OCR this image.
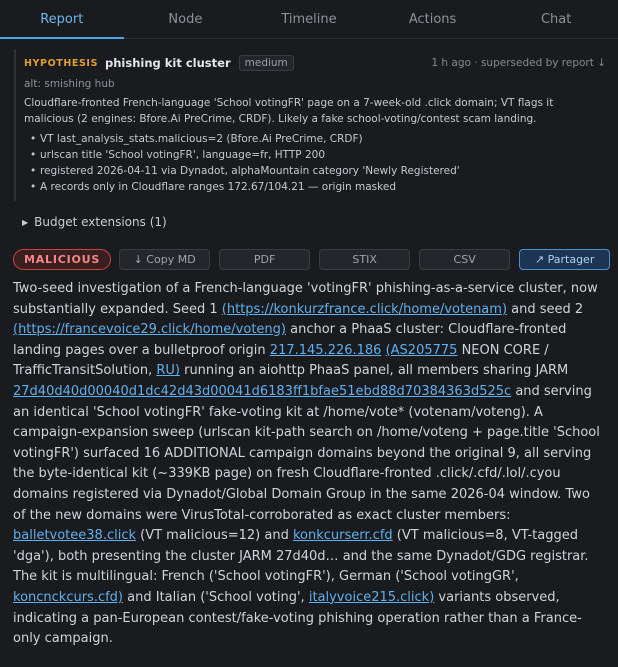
Report	Node	Timeline	Actions	Chat
HYPOTHESIS phishing kit cluster	medium	1 h ago · superseded by report ↓
alt: smishing hub
Cloudflare-fronted French-language 'School votingFR' page on a 7-week-old .click domain; VT flags it malicious (2 engines: Bfore.Ai PreCrime, CRDF). Likely a fake school-voting/contest scam landing.
• VT last_analysis_stats.malicious=2 (Bfore.Ai PreCrime, CRDF)
• urlscan title 'School votingFR', language=fr, HTTP 200
• registered 2026-04-11 via Dynadot, alphaMountain category 'Newly Registered'
• A records only in Cloudflare ranges 172.67/104.21 — origin masked
▶ Budget extensions (1)
MALICIOUS	↓ Copy MD	PDF	STIX	CSV	↗ Partager
Two-seed investigation of a French-language 'votingFR' phishing-as-a-service cluster, now substantially expanded. Seed 1 (https://konkurzfrance.click/home/votenam) and seed 2 (https://francevoice29.click/home/voteng) anchor a PhaaS cluster: Cloudflare-fronted landing pages over a bulletproof origin 217.145.226.186 (AS205775 NEON CORE / TrafficTransitSolution, RU) running an aiohttp PhaaS panel, all members sharing JARM 27d40d40d00040d1dc42d43d00041d6183ff1bfae51ebd88d70384363d525c and serving an identical 'School votingFR' fake-voting kit at /home/vote* (votenam/voteng). A campaign-expansion sweep (urlscan kit-path search on /home/voteng + page.title 'School votingFR') surfaced 16 ADDITIONAL campaign domains beyond the original 9, all serving the byte-identical kit (~339KB page) on fresh Cloudflare-fronted .click/.cfd/.lol/.cyou domains registered via Dynadot/Global Domain Group in the same 2026-04 window. Two of the new domains were VirusTotal-corroborated as exact cluster members: balletvotee38.click (VT malicious=12) and konkcurserr.cfd (VT malicious=8, VT-tagged 'dga'), both presenting the cluster JARM 27d40d… and the same Dynadot/GDG registrar. The kit is multilingual: French ('School votingFR'), German ('School votingGR', koncnckcurs.cfd) and Italian ('School voting', italyvoice215.click) variants observed, indicating a pan-European contest/fake-voting phishing operation rather than a France-only campaign.
